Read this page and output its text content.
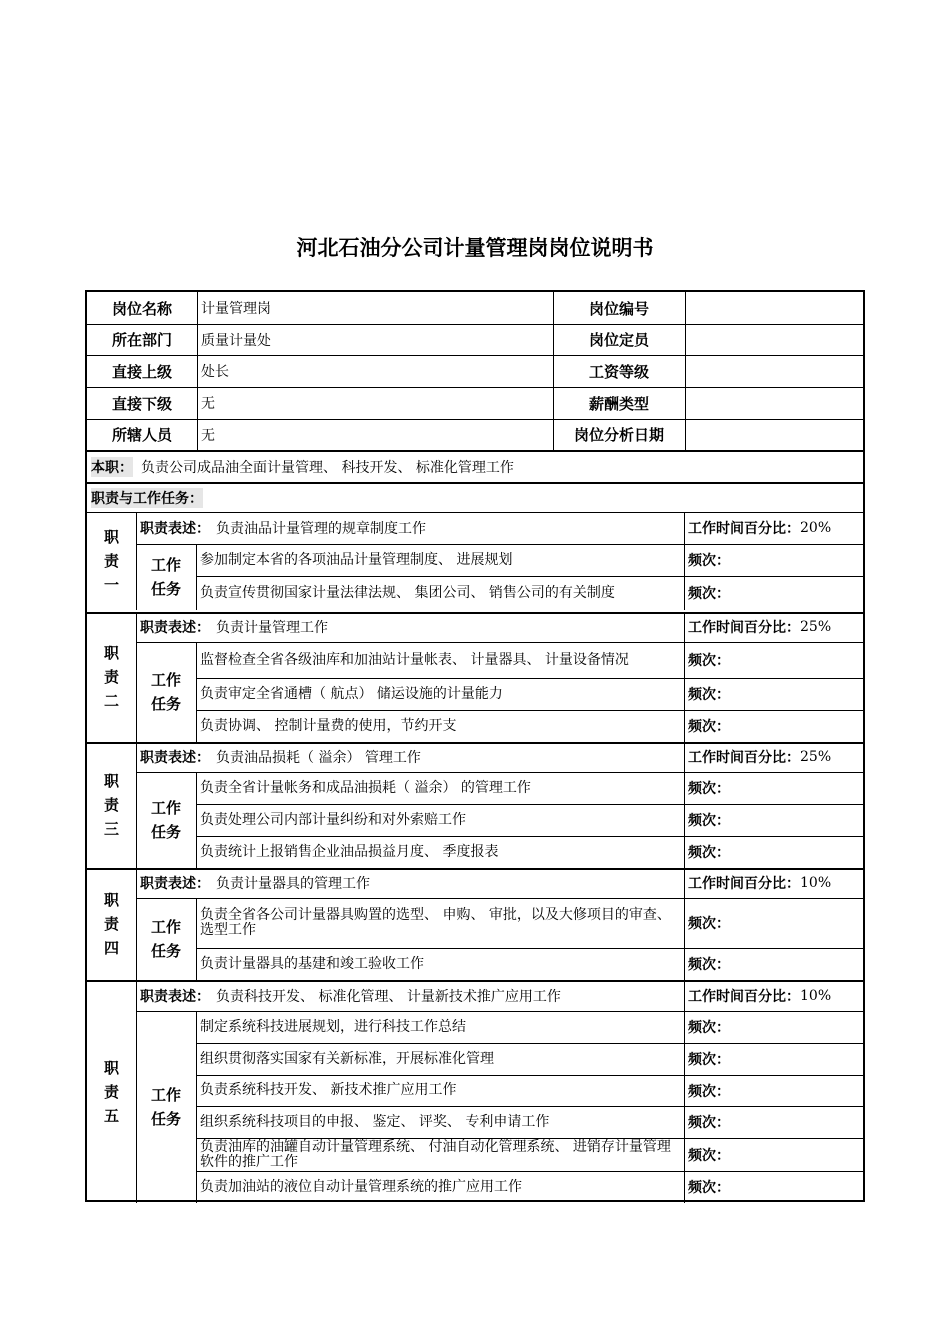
河北石油分公司计量管理岗岗位说明书
岗位名称	计量管理岗	岗位编号
所在部门	质量计量处	岗位定员
直接上级	处长	工资等级
直接下级	无	薪酬类型
所辖人员	无	岗位分析日期
本职： 负责公司成品油全面计量管理、 科技开发、 标准化管理工作
职责与工作任务：
职
责
一
职责表述： 负责油品计量管理的规章制度工作	工作时间百分比： 20%
工作
任务
参加制定本省的各项油品计量管理制度、 进展规划	频次：
负责宣传贯彻国家计量法律法规、 集团公司、 销售公司的有关制度	频次：
职
责
二
职责表述： 负责计量管理工作	工作时间百分比： 25%
工作
任务
监督检查全省各级油库和加油站计量帐表、 计量器具、 计量设备情况	频次：
负责审定全省通槽（ 航点） 储运设施的计量能力	频次：
负责协调、 控制计量费的使用，节约开支	频次：
职
责
三
职责表述： 负责油品损耗（ 溢余） 管理工作	工作时间百分比： 25%
工作
任务
负责全省计量帐务和成品油损耗（ 溢余） 的管理工作	频次：
负责处理公司内部计量纠纷和对外索赔工作	频次：
负责统计上报销售企业油品损益月度、 季度报表	频次：
职
责
四
职责表述： 负责计量器具的管理工作	工作时间百分比： 10%
工作
任务
负责全省各公司计量器具购置的选型、 申购、 审批，以及大修项目的审查、 选型工作	频次：
负责计量器具的基建和竣工验收工作	频次：
职
责
五
职责表述： 负责科技开发、 标准化管理、 计量新技术推广应用工作	工作时间百分比： 10%
工作
任务
制定系统科技进展规划，进行科技工作总结	频次：
组织贯彻落实国家有关新标准，开展标准化管理	频次：
负责系统科技开发、 新技术推广应用工作	频次：
组织系统科技项目的申报、 鉴定、 评奖、 专利申请工作	频次：
负责油库的油罐自动计量管理系统、 付油自动化管理系统、 进销存计量管理软件的推广工作	频次：
负责加油站的液位自动计量管理系统的推广应用工作	频次：
